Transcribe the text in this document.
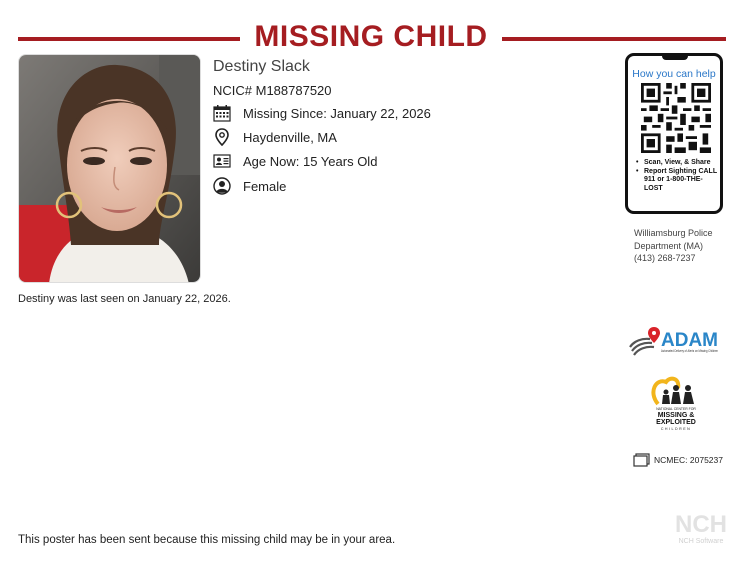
MISSING CHILD
Destiny Slack
NCIC# M188787520
Missing Since: January 22, 2026
Haydenville, MA
Age Now: 15 Years Old
Female
Destiny was last seen on January 22, 2026.
How you can help
• Scan, View, & Share
• Report Sighting CALL 911 or 1-800-THE-LOST
Williamsburg Police Department (MA)
(413) 268-7237
ADAM
Automated Delivery of Alerts on Missing Children
NATIONAL CENTER FOR
MISSING &
EXPLOITED
CHILDREN
NCMEC: 2075237
NCH
NCH Software
This poster has been sent because this missing child may be in your area.
